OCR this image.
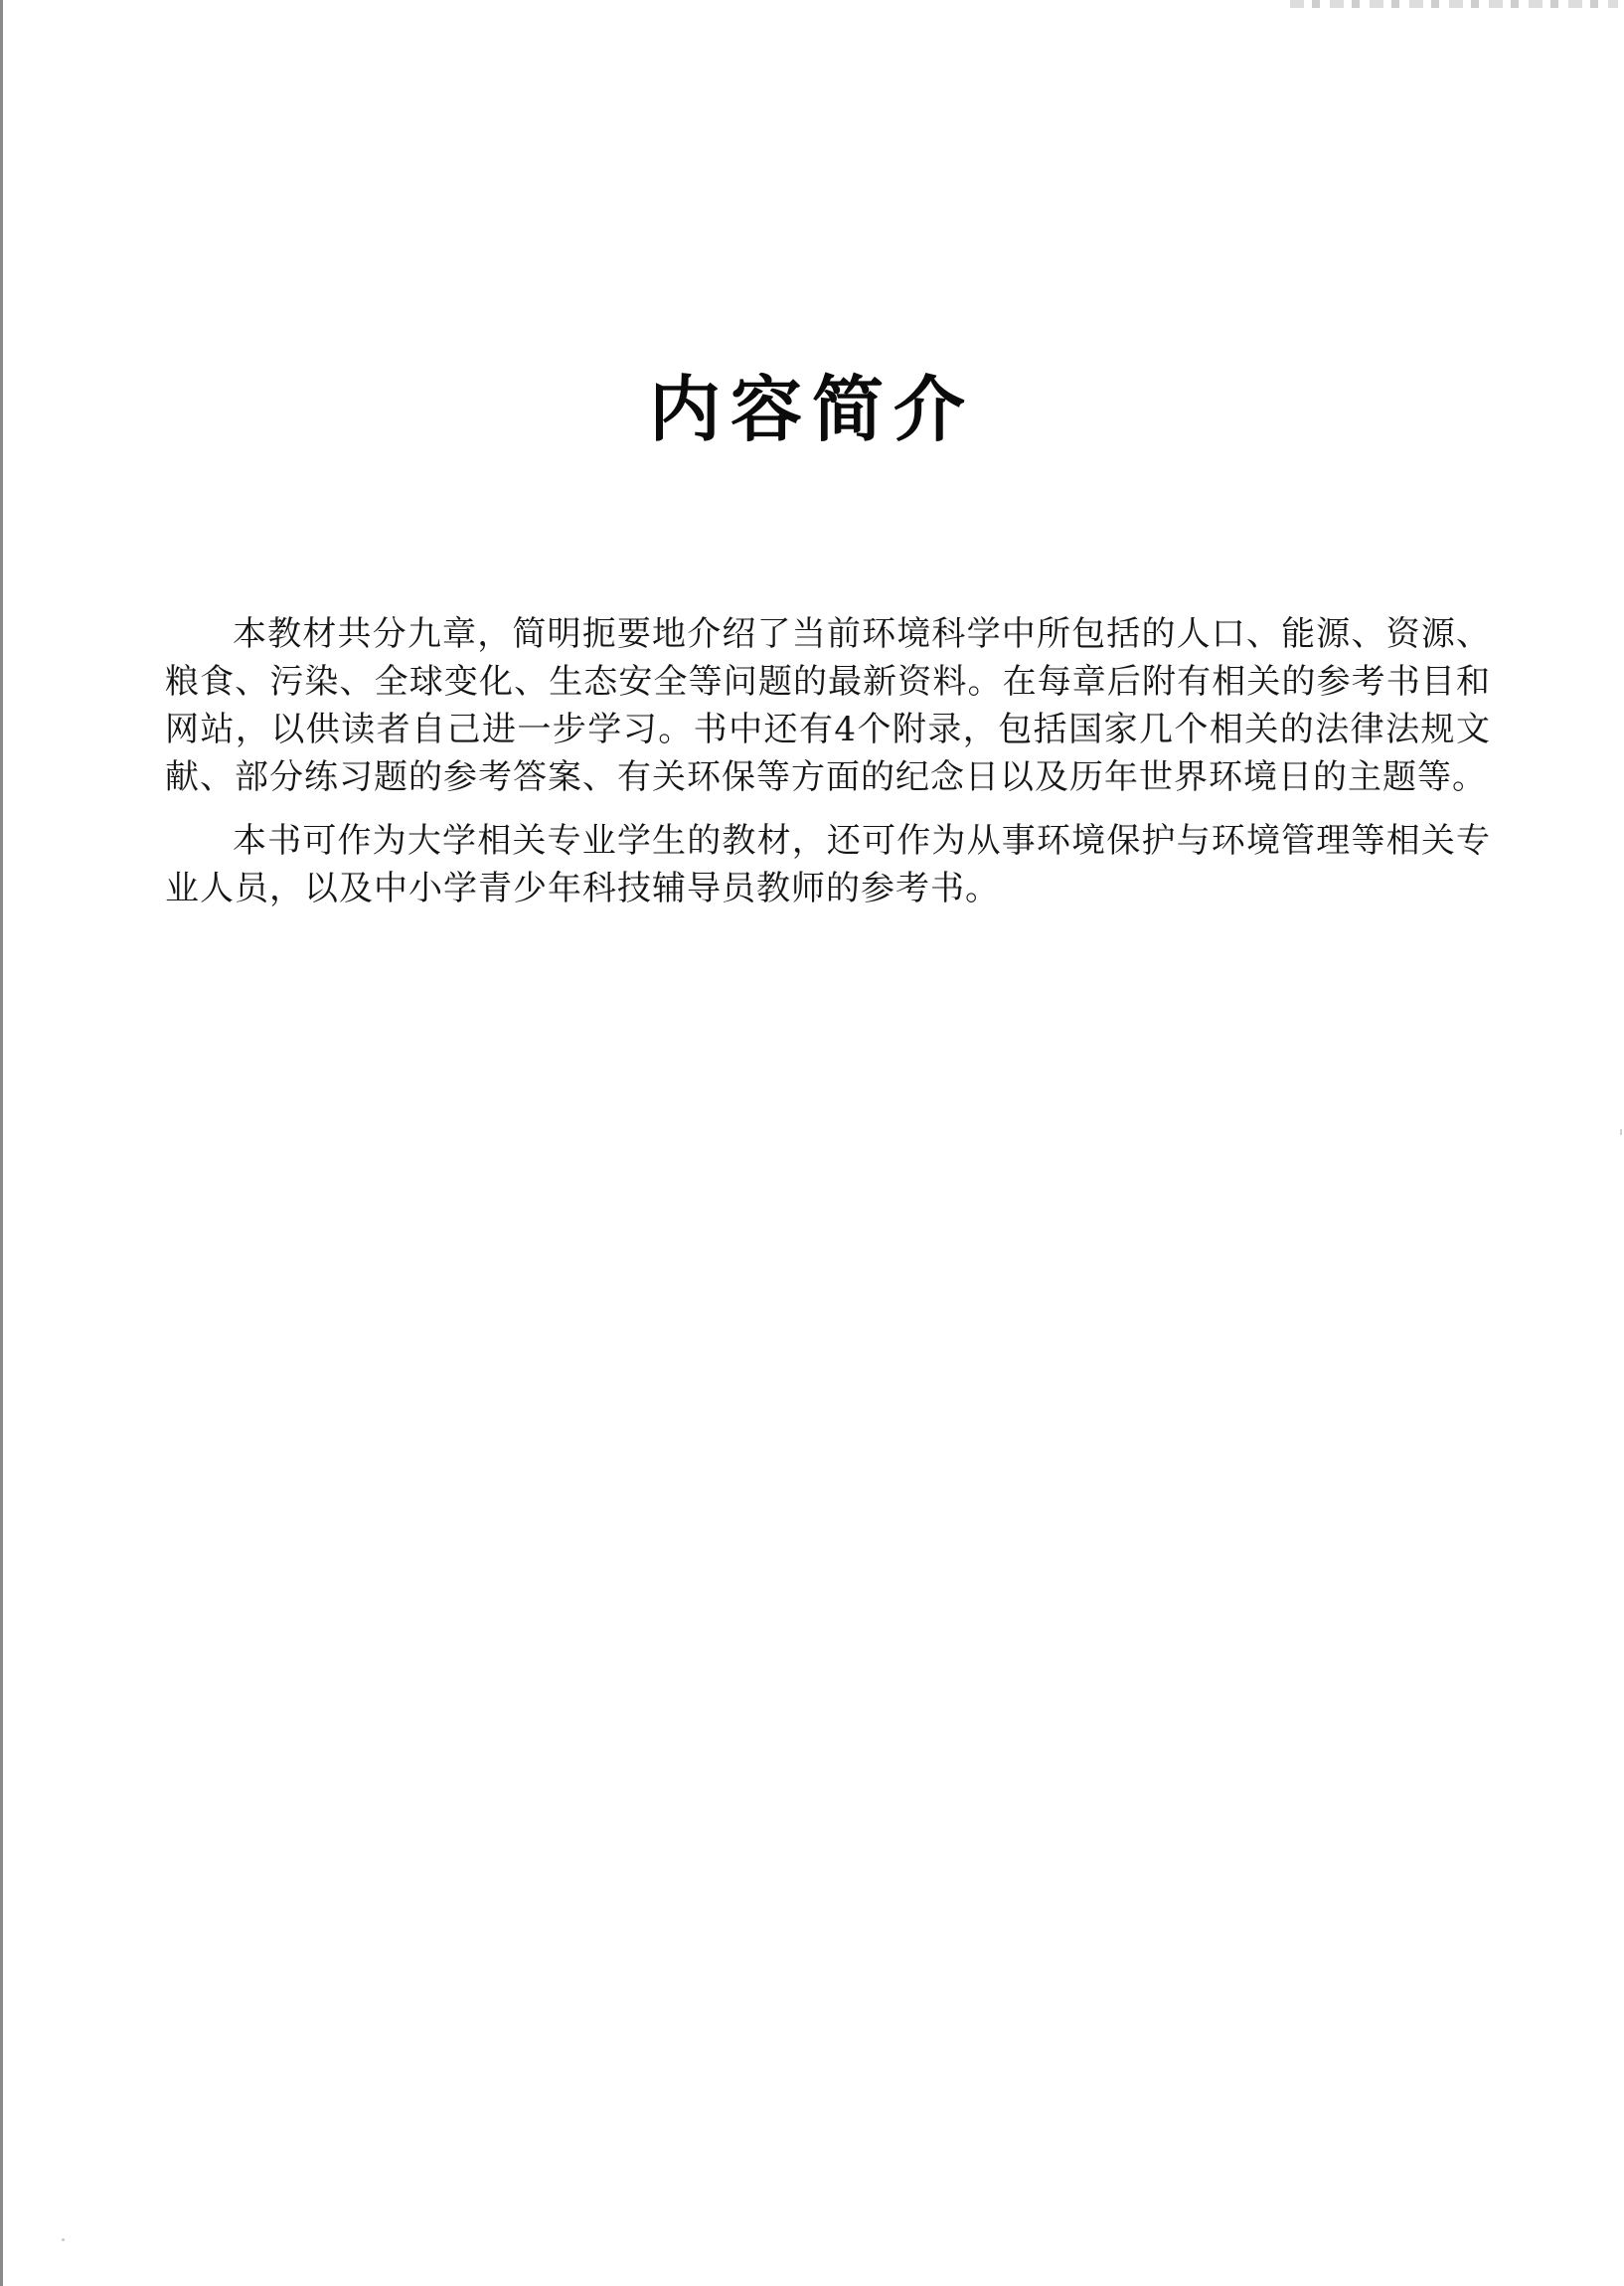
内容简介

本教材共分九章，简明扼要地介绍了当前环境科学中所包括的人口、能源、资源、粮食、污染、全球变化、生态安全等问题的最新资料。在每章后附有相关的参考书目和网站，以供读者自己进一步学习。书中还有4个附录，包括国家几个相关的法律法规文献、部分练习题的参考答案、有关环保等方面的纪念日以及历年世界环境日的主题等。

本书可作为大学相关专业学生的教材，还可作为从事环境保护与环境管理等相关专业人员，以及中小学青少年科技辅导员教师的参考书。
